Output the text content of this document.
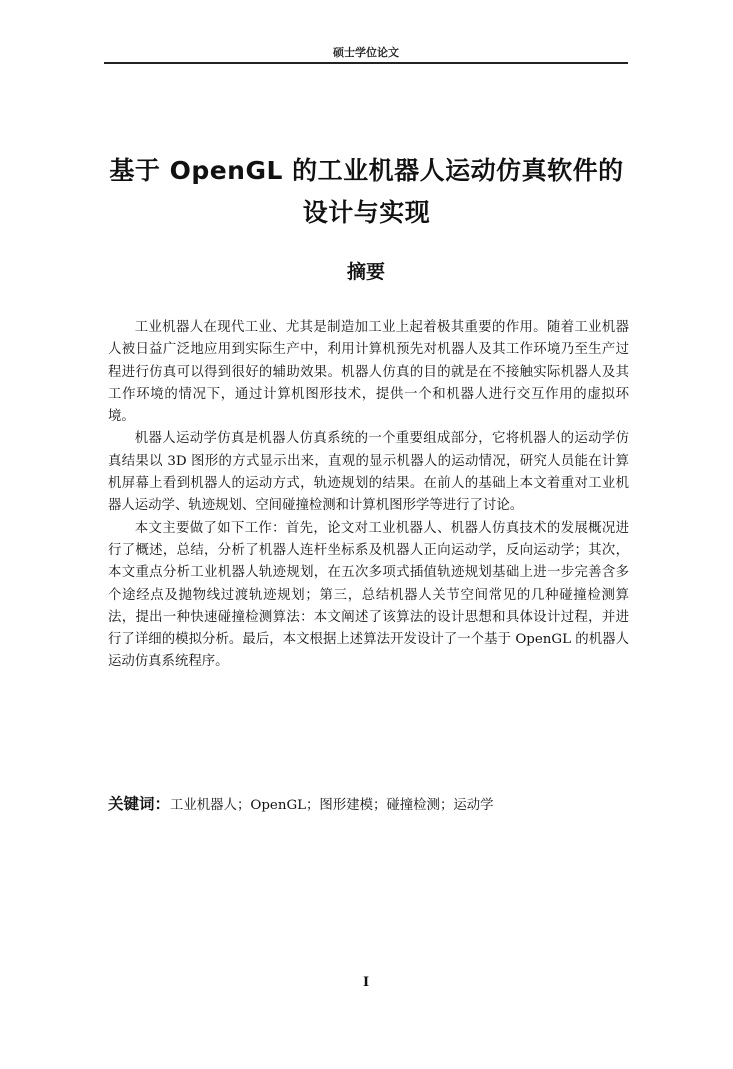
硕士学位论文
基于 OpenGL 的工业机器人运动仿真软件的
设计与实现
摘要

工业机器人在现代工业、尤其是制造加工业上起着极其重要的作用。随着工业机器人被日益广泛地应用到实际生产中，利用计算机预先对机器人及其工作环境乃至生产过程进行仿真可以得到很好的辅助效果。机器人仿真的目的就是在不接触实际机器人及其工作环境的情况下，通过计算机图形技术，提供一个和机器人进行交互作用的虚拟环境。

机器人运动学仿真是机器人仿真系统的一个重要组成部分，它将机器人的运动学仿真结果以 3D 图形的方式显示出来，直观的显示机器人的运动情况，研究人员能在计算机屏幕上看到机器人的运动方式，轨迹规划的结果。在前人的基础上本文着重对工业机器人运动学、轨迹规划、空间碰撞检测和计算机图形学等进行了讨论。

本文主要做了如下工作：首先，论文对工业机器人、机器人仿真技术的发展概况进行了概述，总结，分析了机器人连杆坐标系及机器人正向运动学，反向运动学；其次，本文重点分析工业机器人轨迹规划，在五次多项式插值轨迹规划基础上进一步完善含多个途经点及抛物线过渡轨迹规划；第三，总结机器人关节空间常见的几种碰撞检测算法，提出一种快速碰撞检测算法：本文阐述了该算法的设计思想和具体设计过程，并进行了详细的模拟分析。最后，本文根据上述算法开发设计了一个基于 OpenGL 的机器人运动仿真系统程序。

关键词：工业机器人；OpenGL；图形建模；碰撞检测；运动学
I
